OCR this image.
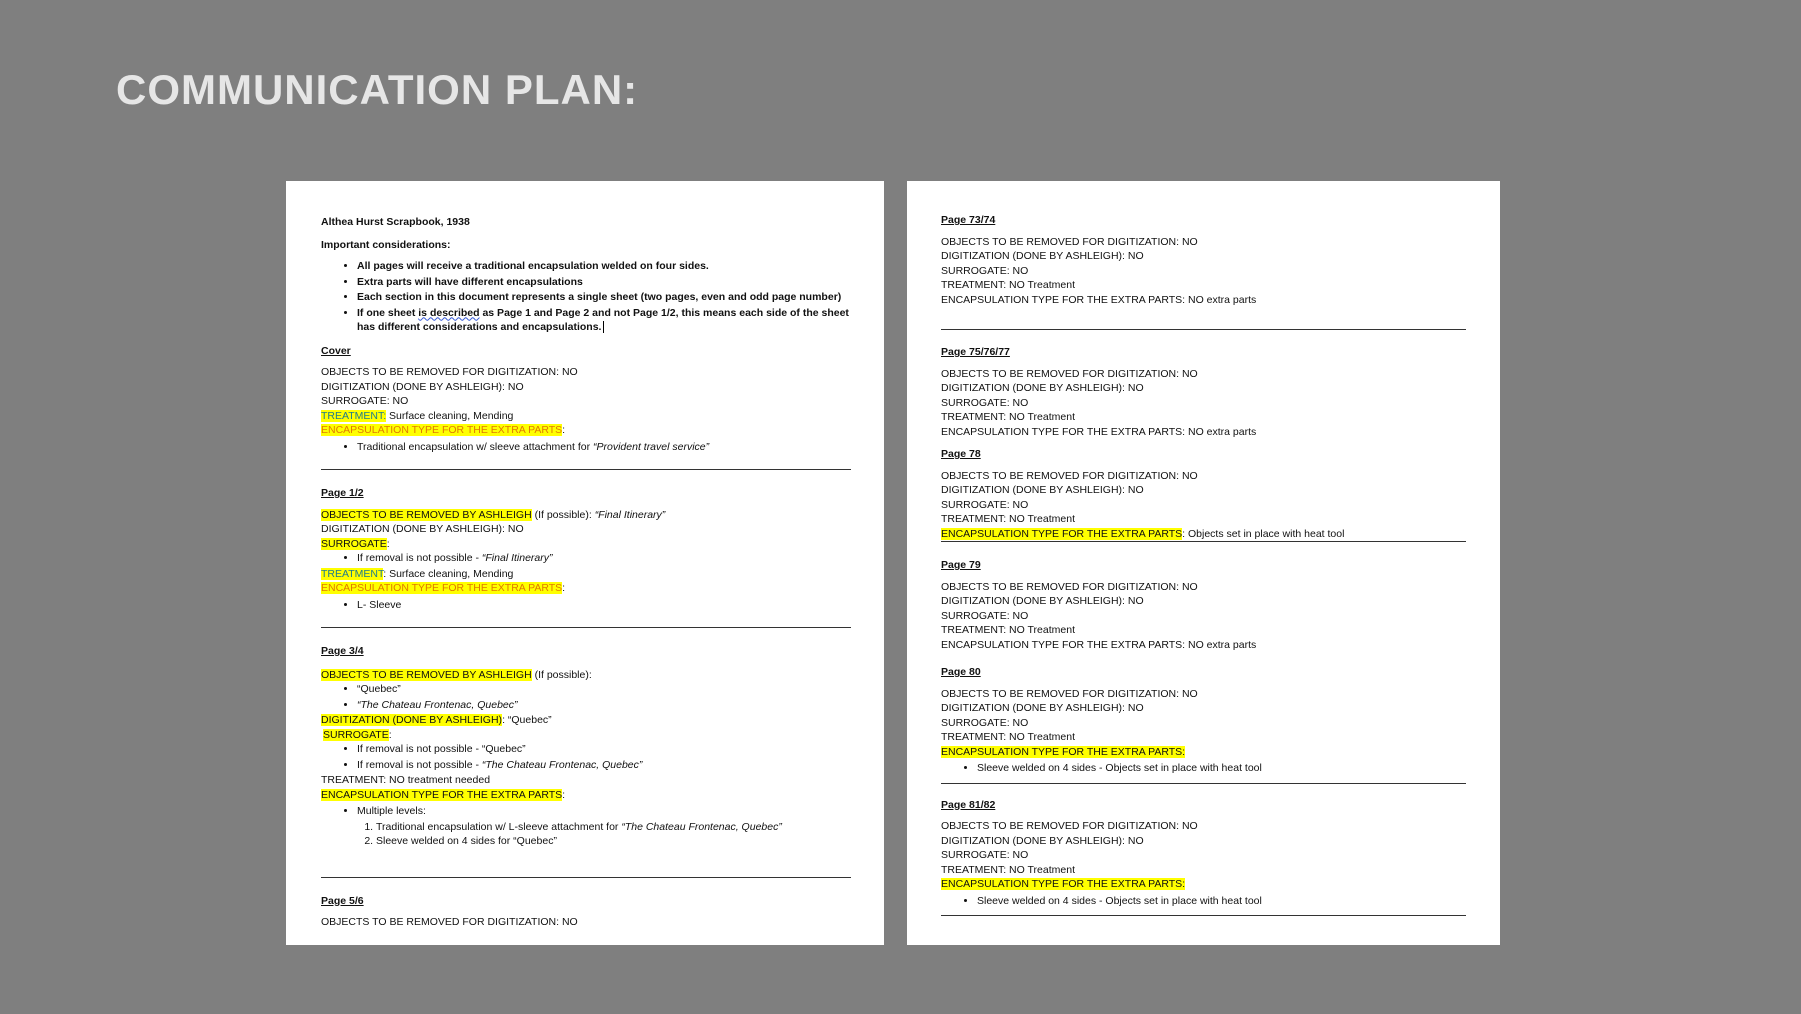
COMMUNICATION PLAN:

Althea Hurst Scrapbook, 1938

Important considerations:

• All pages will receive a traditional encapsulation welded on four sides.
• Extra parts will have different encapsulations
• Each section in this document represents a single sheet (two pages, even and odd page number)
• If one sheet is described as Page 1 and Page 2 and not Page 1/2, this means each side of the sheet has different considerations and encapsulations.

Cover

OBJECTS TO BE REMOVED FOR DIGITIZATION: NO

DIGITIZATION (DONE BY ASHLEIGH): NO

SURROGATE: NO

TREATMENT: Surface cleaning, Mending

ENCAPSULATION TYPE FOR THE EXTRA PARTS:

• Traditional encapsulation w/ sleeve attachment for “Provident travel service”

Page 1/2

OBJECTS TO BE REMOVED BY ASHLEIGH (If possible): “Final Itinerary”

DIGITIZATION (DONE BY ASHLEIGH): NO

SURROGATE:

• If removal is not possible - “Final Itinerary”

TREATMENT: Surface cleaning, Mending

ENCAPSULATION TYPE FOR THE EXTRA PARTS:

• L- Sleeve

Page 3/4

OBJECTS TO BE REMOVED BY ASHLEIGH (If possible):

• “Quebec”
• “The Chateau Frontenac, Quebec”

DIGITIZATION (DONE BY ASHLEIGH): “Quebec”

SURROGATE:

• If removal is not possible - “Quebec”
• If removal is not possible - “The Chateau Frontenac, Quebec”

TREATMENT: NO treatment needed

ENCAPSULATION TYPE FOR THE EXTRA PARTS:

• Multiple levels:
1. Traditional encapsulation w/ L-sleeve attachment for “The Chateau Frontenac, Quebec”
2. Sleeve welded on 4 sides for “Quebec”

Page 5/6

OBJECTS TO BE REMOVED FOR DIGITIZATION: NO

Page 73/74

OBJECTS TO BE REMOVED FOR DIGITIZATION: NO

DIGITIZATION (DONE BY ASHLEIGH): NO

SURROGATE: NO

TREATMENT: NO Treatment

ENCAPSULATION TYPE FOR THE EXTRA PARTS: NO extra parts

Page 75/76/77

OBJECTS TO BE REMOVED FOR DIGITIZATION: NO

DIGITIZATION (DONE BY ASHLEIGH): NO

SURROGATE: NO

TREATMENT: NO Treatment

ENCAPSULATION TYPE FOR THE EXTRA PARTS: NO extra parts

Page 78

OBJECTS TO BE REMOVED FOR DIGITIZATION: NO

DIGITIZATION (DONE BY ASHLEIGH): NO

SURROGATE: NO

TREATMENT: NO Treatment

ENCAPSULATION TYPE FOR THE EXTRA PARTS: Objects set in place with heat tool

Page 79

OBJECTS TO BE REMOVED FOR DIGITIZATION: NO

DIGITIZATION (DONE BY ASHLEIGH): NO

SURROGATE: NO

TREATMENT: NO Treatment

ENCAPSULATION TYPE FOR THE EXTRA PARTS: NO extra parts

Page 80

OBJECTS TO BE REMOVED FOR DIGITIZATION: NO

DIGITIZATION (DONE BY ASHLEIGH): NO

SURROGATE: NO

TREATMENT: NO Treatment

ENCAPSULATION TYPE FOR THE EXTRA PARTS:

• Sleeve welded on 4 sides - Objects set in place with heat tool

Page 81/82

OBJECTS TO BE REMOVED FOR DIGITIZATION: NO

DIGITIZATION (DONE BY ASHLEIGH): NO

SURROGATE: NO

TREATMENT: NO Treatment

ENCAPSULATION TYPE FOR THE EXTRA PARTS:

• Sleeve welded on 4 sides - Objects set in place with heat tool
